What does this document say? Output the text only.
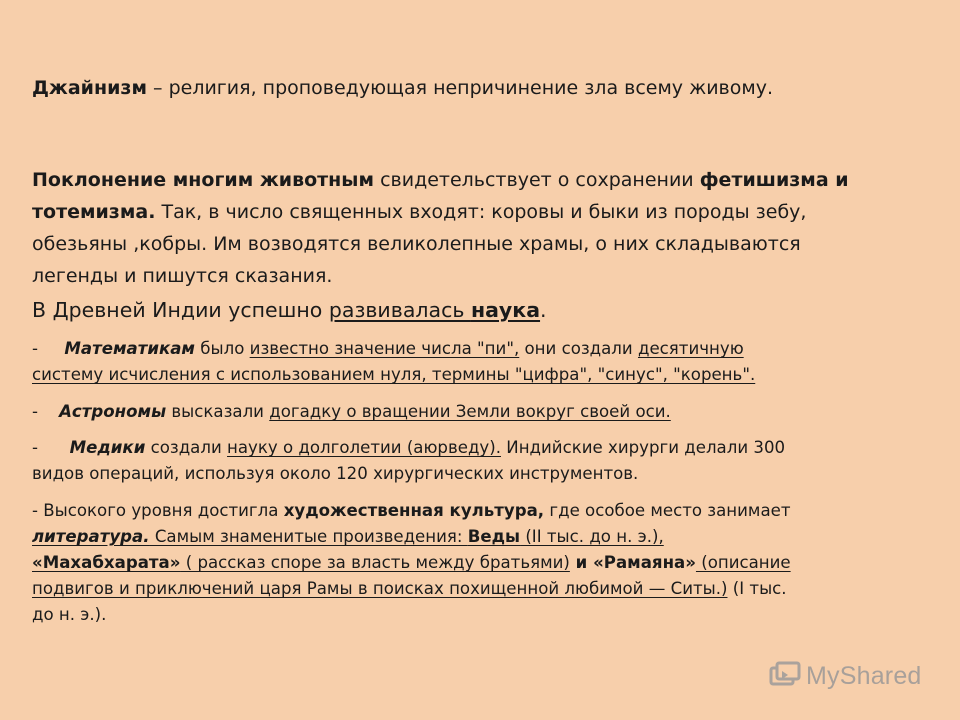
Джайнизм – религия, проповедующая непричинение зла всему живому.

Поклонение многим животным свидетельствует о сохранении фетишизма и
тотемизма. Так, в число священных входят: коровы и быки из породы зебу,
обезьяны ,кобры. Им возводятся великолепные храмы, о них складываются
легенды и пишутся сказания.

В Древней Индии успешно развивалась наука.

-     Математикам было известно значение числа "пи", они создали десятичную
систему исчисления с использованием нуля, термины "цифра", "синус", "корень".

-    Астрономы высказали догадку о вращении Земли вокруг своей оси.

-      Медики создали науку о долголетии (аюрведу). Индийские хирурги делали 300
видов операций, используя около 120 хирургических инструментов.

- Высокого уровня достигла художественная культура, где особое место занимает
литература. Самым знаменитые произведения: Веды (II тыс. до н. э.),
«Махабхарата» ( рассказ споре за власть между братьями) и «Рамаяна» (описание
подвигов и приключений царя Рамы в поисках похищенной любимой — Ситы.) (I тыс.
до н. э.).

MyShared
